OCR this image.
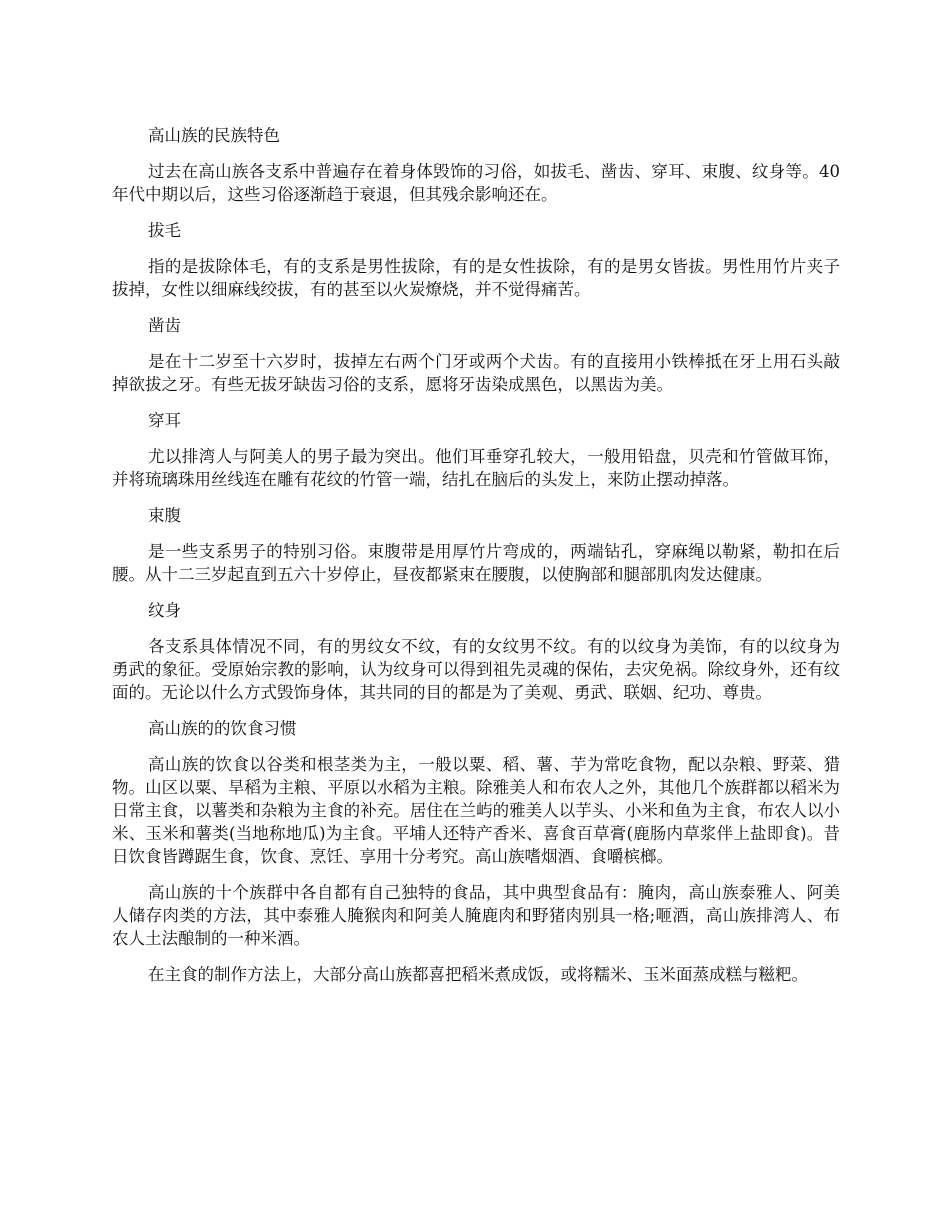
高山族的民族特色

过去在高山族各支系中普遍存在着身体毁饰的习俗，如拔毛、凿齿、穿耳、束腹、纹身等。40年代中期以后，这些习俗逐渐趋于衰退，但其残余影响还在。

拔毛

指的是拔除体毛，有的支系是男性拔除，有的是女性拔除，有的是男女皆拔。男性用竹片夹子拔掉，女性以细麻线绞拔，有的甚至以火炭燎烧，并不觉得痛苦。

凿齿

是在十二岁至十六岁时，拔掉左右两个门牙或两个犬齿。有的直接用小铁棒抵在牙上用石头敲掉欲拔之牙。有些无拔牙缺齿习俗的支系，愿将牙齿染成黑色，以黑齿为美。

穿耳

尤以排湾人与阿美人的男子最为突出。他们耳垂穿孔较大，一般用铅盘，贝壳和竹管做耳饰，并将琉璃珠用丝线连在雕有花纹的竹管一端，结扎在脑后的头发上，来防止摆动掉落。

束腹

是一些支系男子的特别习俗。束腹带是用厚竹片弯成的，两端钻孔，穿麻绳以勒紧，勒扣在后腰。从十二三岁起直到五六十岁停止，昼夜都紧束在腰腹，以使胸部和腿部肌肉发达健康。

纹身

各支系具体情况不同，有的男纹女不纹，有的女纹男不纹。有的以纹身为美饰，有的以纹身为勇武的象征。受原始宗教的影响，认为纹身可以得到祖先灵魂的保佑，去灾免祸。除纹身外，还有纹面的。无论以什么方式毁饰身体，其共同的目的都是为了美观、勇武、联姻、纪功、尊贵。

高山族的的饮食习惯

高山族的饮食以谷类和根茎类为主，一般以粟、稻、薯、芋为常吃食物，配以杂粮、野菜、猎物。山区以粟、旱稻为主粮、平原以水稻为主粮。除雅美人和布农人之外，其他几个族群都以稻米为日常主食，以薯类和杂粮为主食的补充。居住在兰屿的雅美人以芋头、小米和鱼为主食，布农人以小米、玉米和薯类(当地称地瓜)为主食。平埔人还特产香米、喜食百草膏(鹿肠内草浆伴上盐即食)。昔日饮食皆蹲踞生食，饮食、烹饪、享用十分考究。高山族嗜烟酒、食嚼槟榔。

高山族的十个族群中各自都有自己独特的食品，其中典型食品有：腌肉，高山族泰雅人、阿美人储存肉类的方法，其中泰雅人腌猴肉和阿美人腌鹿肉和野猪肉别具一格;咂酒，高山族排湾人、布农人土法酿制的一种米酒。

在主食的制作方法上，大部分高山族都喜把稻米煮成饭，或将糯米、玉米面蒸成糕与糍粑。
